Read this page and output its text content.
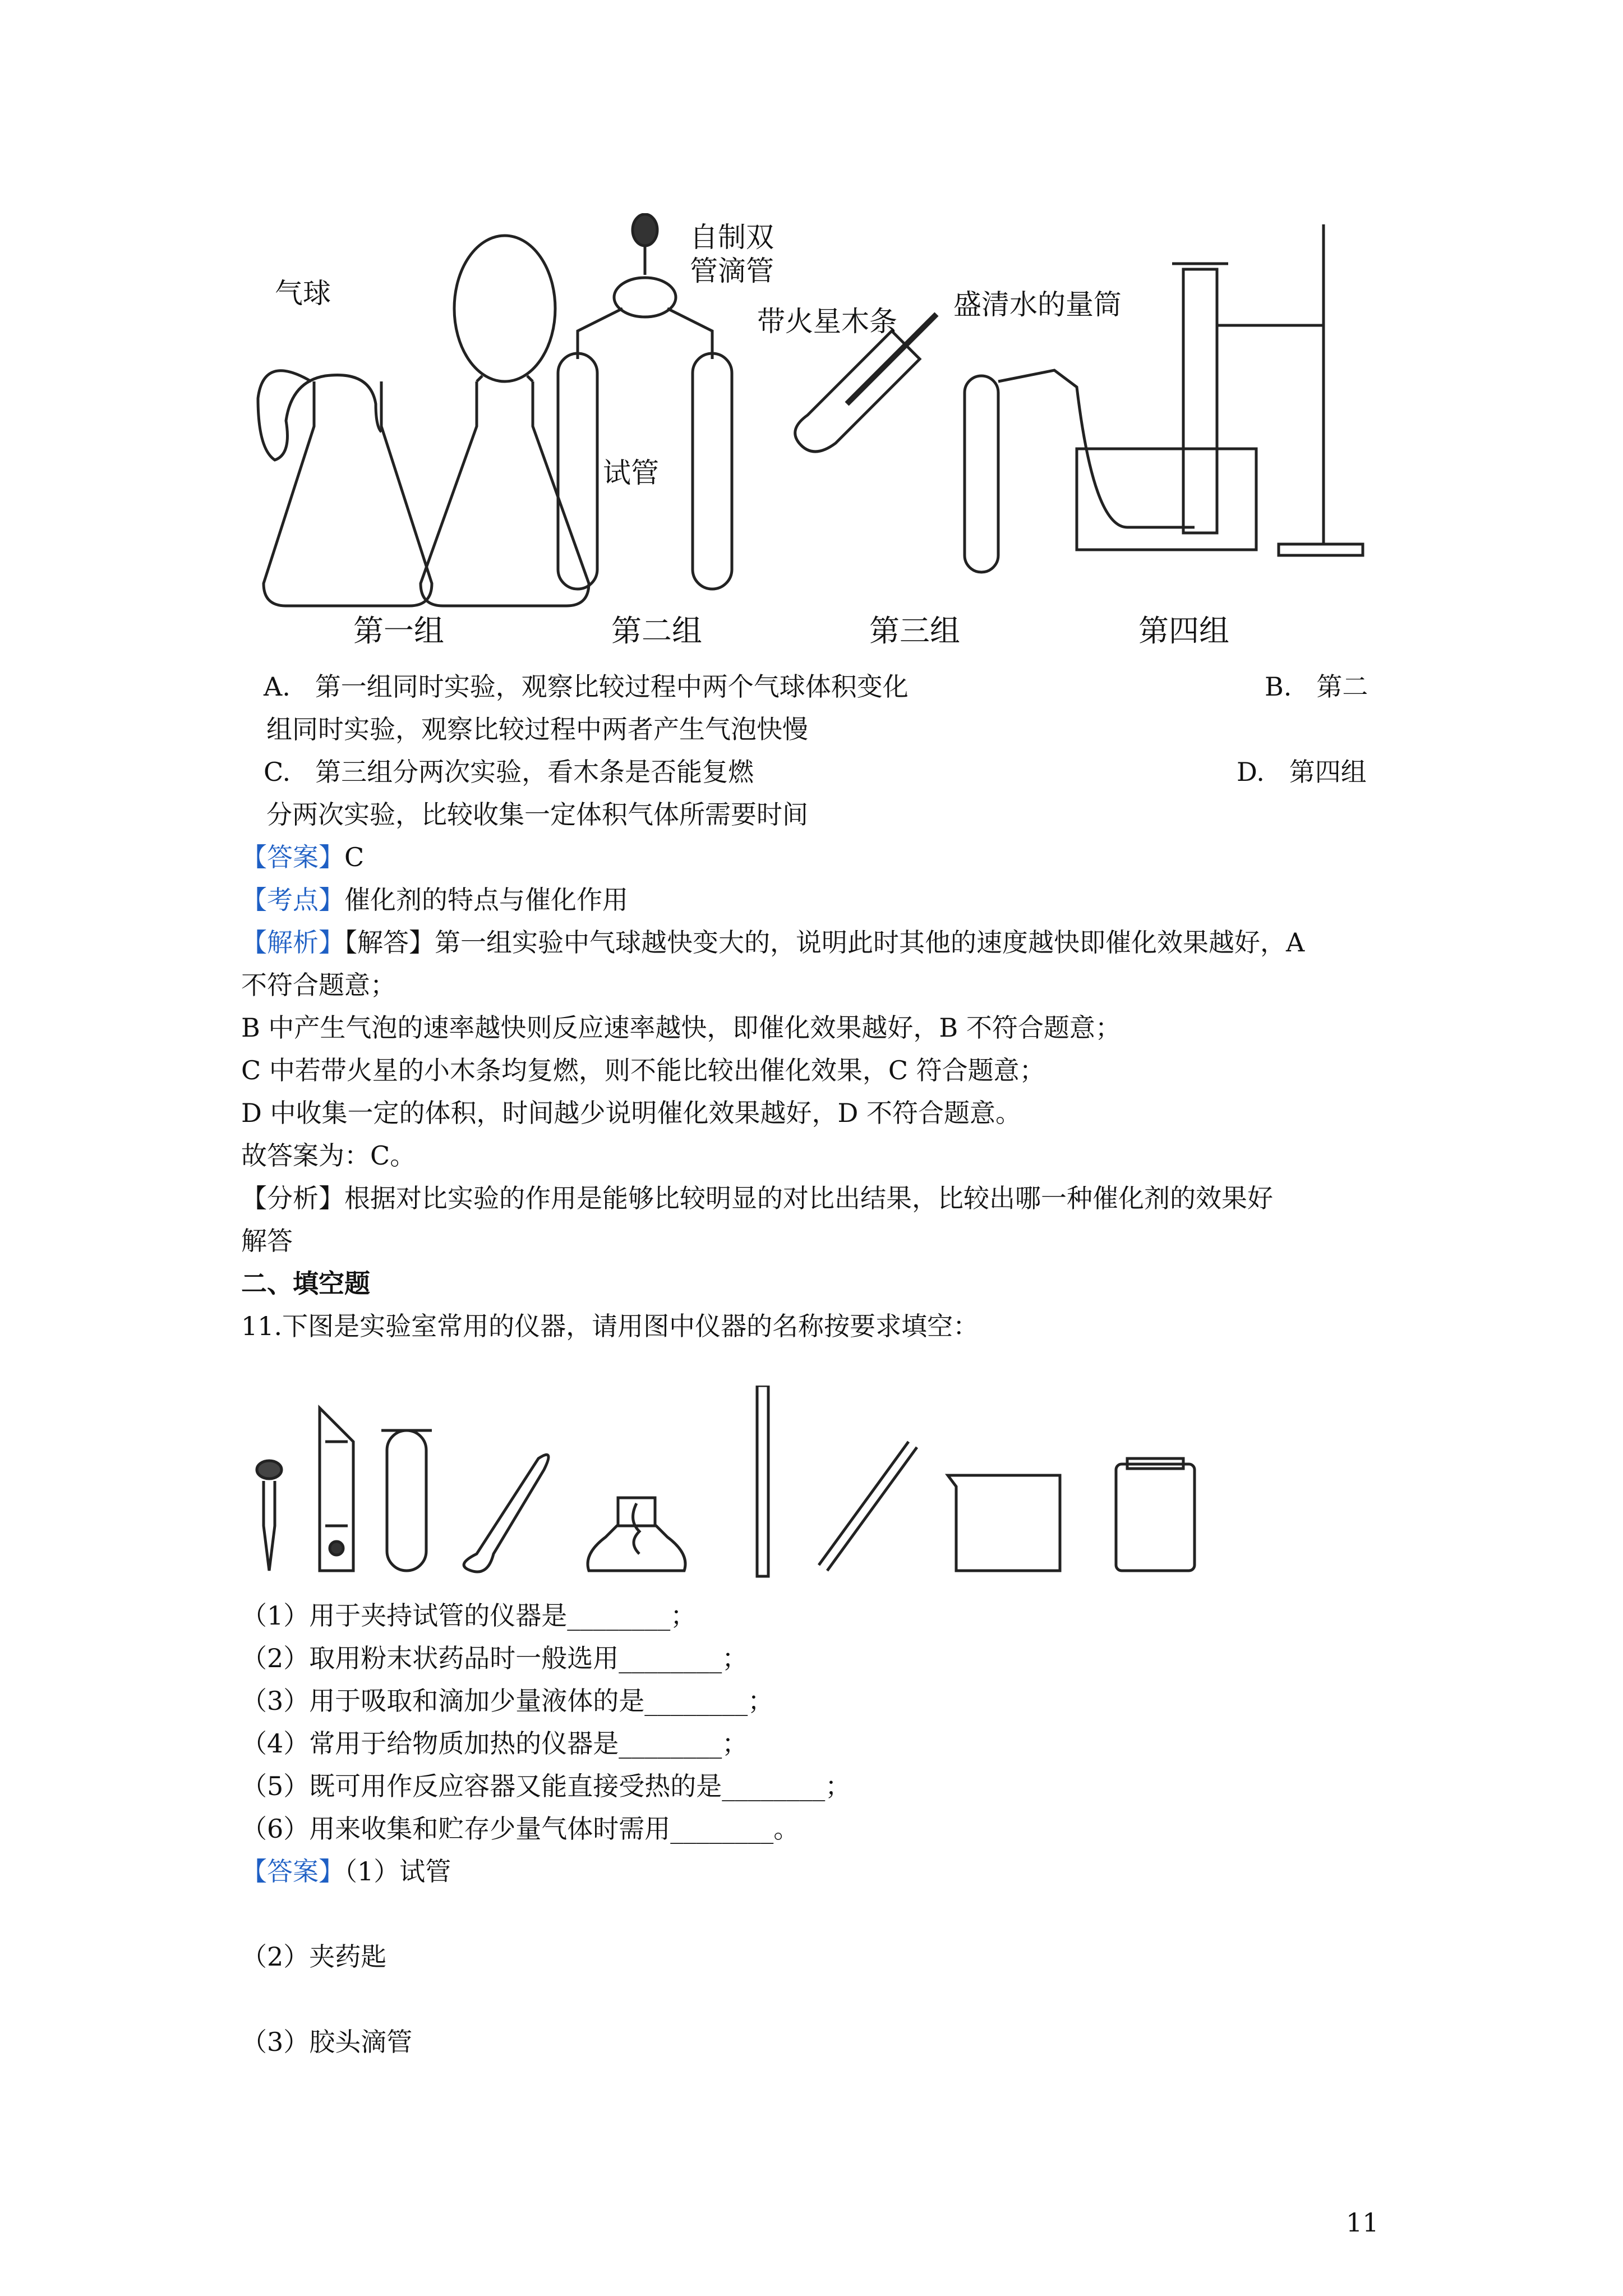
气球
自制双
管滴管
带火星木条
试管
盛清水的量筒
第一组	第二组	第三组	第四组
A. 第一组同时实验，观察比较过程中两个气球体积变化	B. 第二
组同时实验，观察比较过程中两者产生气泡快慢
C. 第三组分两次实验，看木条是否能复燃	D. 第四组
分两次实验，比较收集一定体积气体所需要时间
【答案】C
【考点】催化剂的特点与催化作用
【解析】【解答】第一组实验中气球越快变大的，说明此时其他的速度越快即催化效果越好，A
不符合题意；
B 中产生气泡的速率越快则反应速率越快，即催化效果越好，B 不符合题意；
C 中若带火星的小木条均复燃，则不能比较出催化效果，C 符合题意；
D 中收集一定的体积，时间越少说明催化效果越好，D 不符合题意。
故答案为：C。
【分析】根据对比实验的作用是能够比较明显的对比出结果，比较出哪一种催化剂的效果好
解答
二、填空题
11.下图是实验室常用的仪器，请用图中仪器的名称按要求填空：
（1）用于夹持试管的仪器是________；
（2）取用粉末状药品时一般选用________；
（3）用于吸取和滴加少量液体的是________；
（4）常用于给物质加热的仪器是________；
（5）既可用作反应容器又能直接受热的是________；
（6）用来收集和贮存少量气体时需用________。
【答案】（1）试管
（2）夹药匙
（3）胶头滴管
11
